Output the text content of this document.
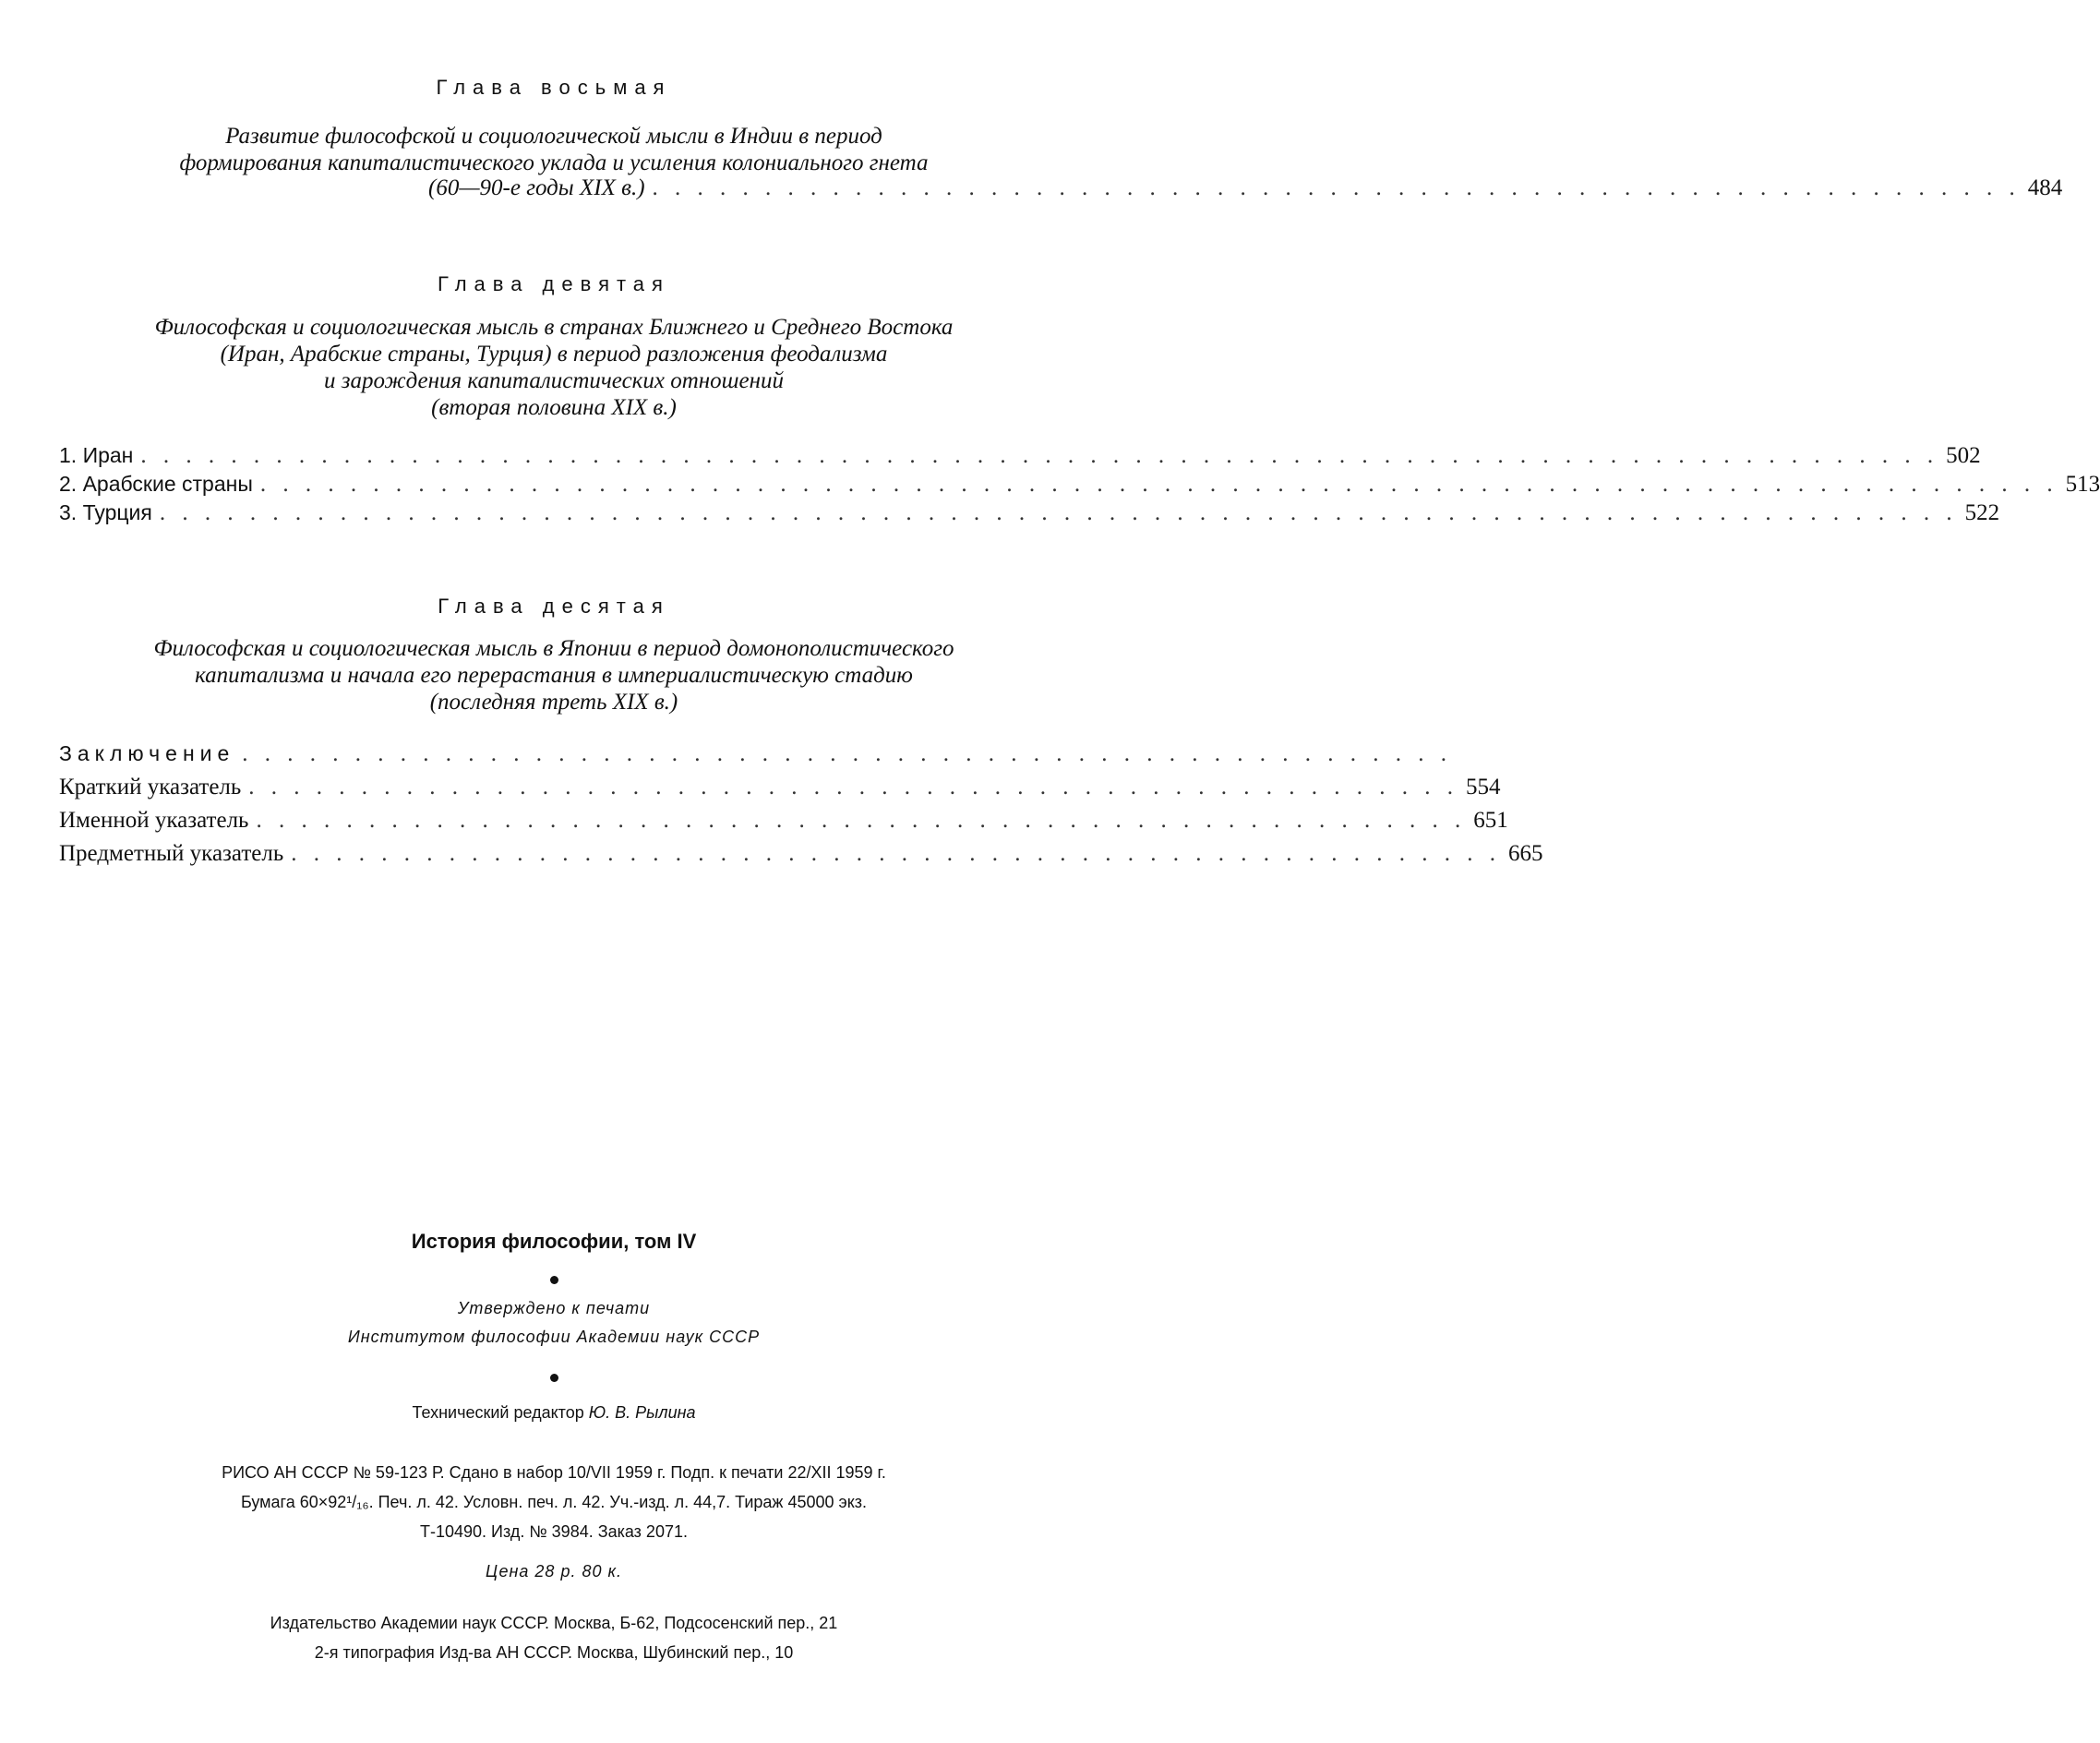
Глава восьмая
Развитие философской и социологической мысли в Индии в период
формирования капиталистического уклада и усиления колониального гнета
(60—90-е годы XIX в.) . . . . . . . . . . . . . . . . . . . . . . . . . . . . . . . . . . . . . . . . . . . . . . . . . . . . . . . . . . . . . 484
Глава девятая
Философская и социологическая мысль в странах Ближнего и Среднего Востока
(Иран, Арабские страны, Турция) в период разложения феодализма
и зарождения капиталистических отношений
(вторая половина XIX в.)
1. Иран . . . . . . . . . . . . . . . . . . . . . . . . . . . . . . . . . . . . . . . . . . . . . . . . . . . . . . . . . . . . . . . . . . . . . . . . . . . . . . . . 502
2. Арабские страны . . . . . . . . . . . . . . . . . . . . . . . . . . . . . . . . . . . . . . . . . . . . . . . . . . . . . . . . . . . . . . . . . . . . . . . . . . . . . . . . 513
3. Турция . . . . . . . . . . . . . . . . . . . . . . . . . . . . . . . . . . . . . . . . . . . . . . . . . . . . . . . . . . . . . . . . . . . . . . . . . . . . . . . . 522
Глава десятая
Философская и социологическая мысль в Японии в период домонополистического
капитализма и начала его перерастания в империалистическую стадию
(последняя треть XIX в.)
Заключение . . . . . . . . . . . . . . . . . . . . . . . . . . . . . . . . . . . . . . . . . . . . . . . . . . . . . .
Краткий указатель . . . . . . . . . . . . . . . . . . . . . . . . . . . . . . . . . . . . . . . . . . . . . . . . . . . . . . 554
Именной указатель . . . . . . . . . . . . . . . . . . . . . . . . . . . . . . . . . . . . . . . . . . . . . . . . . . . . . . 651
Предметный указатель . . . . . . . . . . . . . . . . . . . . . . . . . . . . . . . . . . . . . . . . . . . . . . . . . . . . . . 665
История философии, том IV
Утверждено к печати
Институтом философии Академии наук СССР
Технический редактор Ю. В. Рылина
РИСО АН СССР № 59-123 Р. Сдано в набор 10/VII 1959 г. Подп. к печати 22/XII 1959 г.
Бумага 60×92¹/₁₆. Печ. л. 42. Условн. печ. л. 42. Уч.-изд. л. 44,7. Тираж 45000 экз.
Т-10490. Изд. № 3984. Заказ 2071.
Цена 28 р. 80 к.
Издательство Академии наук СССР. Москва, Б-62, Подсосенский пер., 21
2-я типография Изд-ва АН СССР. Москва, Шубинский пер., 10
